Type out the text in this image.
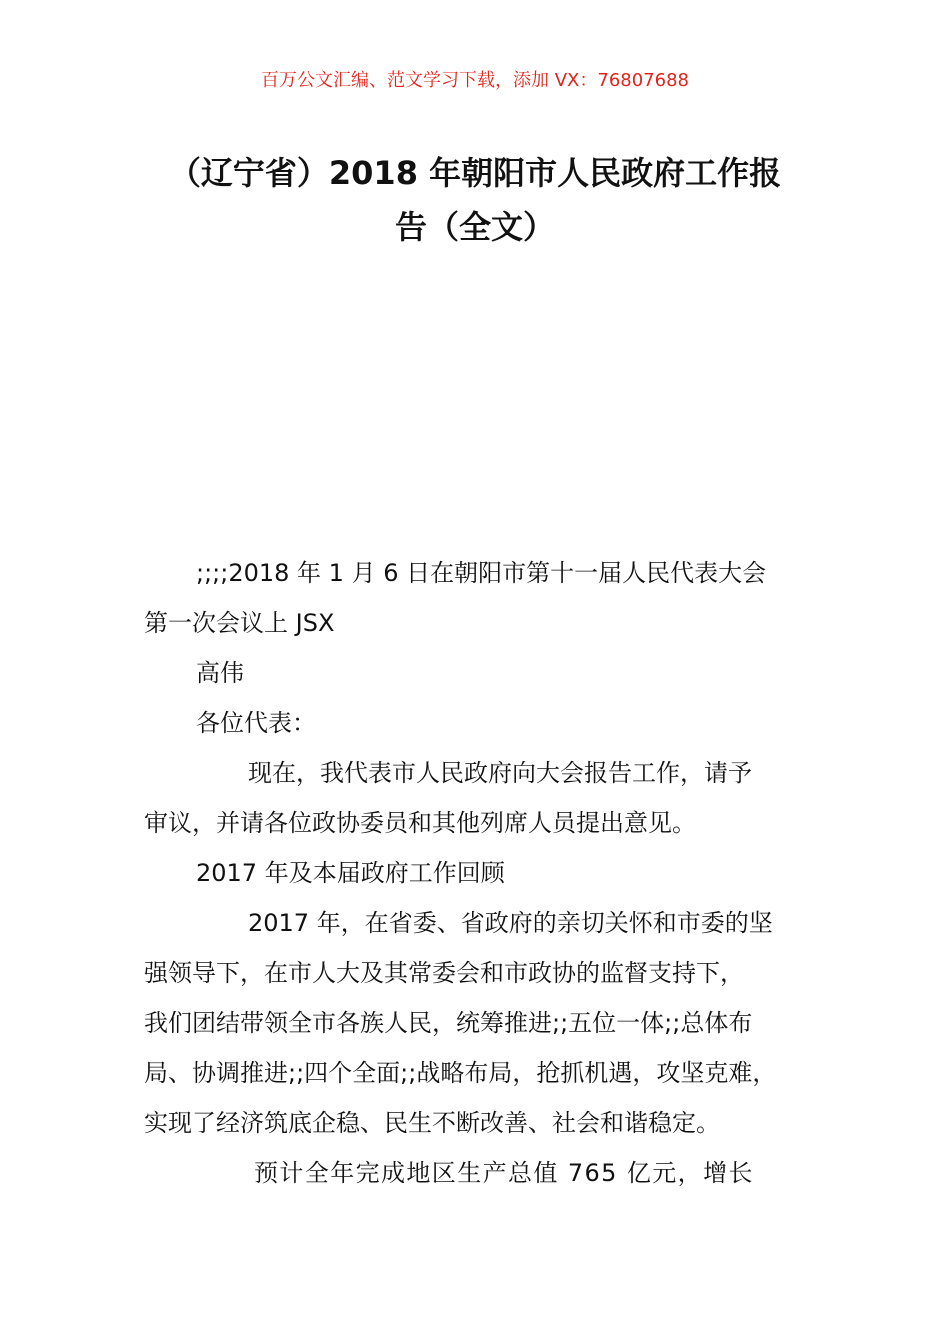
百万公文汇编、范文学习下载，添加 VX：76807688
（辽宁省）2018 年朝阳市人民政府工作报
告（全文）
;;;;2018 年 1 月 6 日在朝阳市第十一届人民代表大会
第一次会议上 JSX
高伟
各位代表：
现在，我代表市人民政府向大会报告工作，请予
审议，并请各位政协委员和其他列席人员提出意见。
2017 年及本届政府工作回顾
2017 年，在省委、省政府的亲切关怀和市委的坚
强领导下，在市人大及其常委会和市政协的监督支持下，
我们团结带领全市各族人民，统筹推进;;五位一体;;总体布
局、协调推进;;四个全面;;战略布局，抢抓机遇，攻坚克难，
实现了经济筑底企稳、民生不断改善、社会和谐稳定。
预计全年完成地区生产总值 765 亿元，增长
